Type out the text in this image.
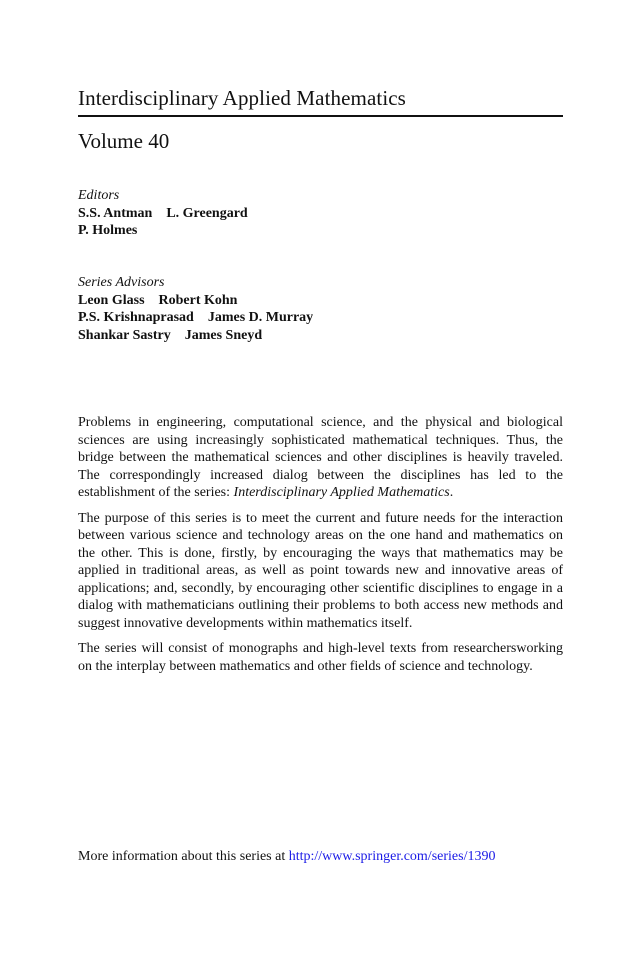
Interdisciplinary Applied Mathematics
Volume 40
Editors
S.S. Antman L. Greengard
P. Holmes
Series Advisors
Leon Glass Robert Kohn
P.S. Krishnaprasad James D. Murray
Shankar Sastry James Sneyd

Problems in engineering, computational science, and the physical and biological sciences are using increasingly sophisticated mathematical techniques. Thus, the bridge between the mathematical sciences and other disciplines is heavily traveled. The correspondingly increased dialog between the disciplines has led to the establishment of the series: Interdisciplinary Applied Mathematics.

The purpose of this series is to meet the current and future needs for the interaction between various science and technology areas on the one hand and mathematics on the other. This is done, firstly, by encouraging the ways that mathematics may be applied in traditional areas, as well as point towards new and innovative areas of applications; and, secondly, by encouraging other scientific disciplines to engage in a dialog with mathematicians outlining their problems to both access new methods and suggest innovative developments within mathematics itself.

The series will consist of monographs and high-level texts from researchersworking on the interplay between mathematics and other fields of science and technology.

More information about this series at http://www.springer.com/series/1390
